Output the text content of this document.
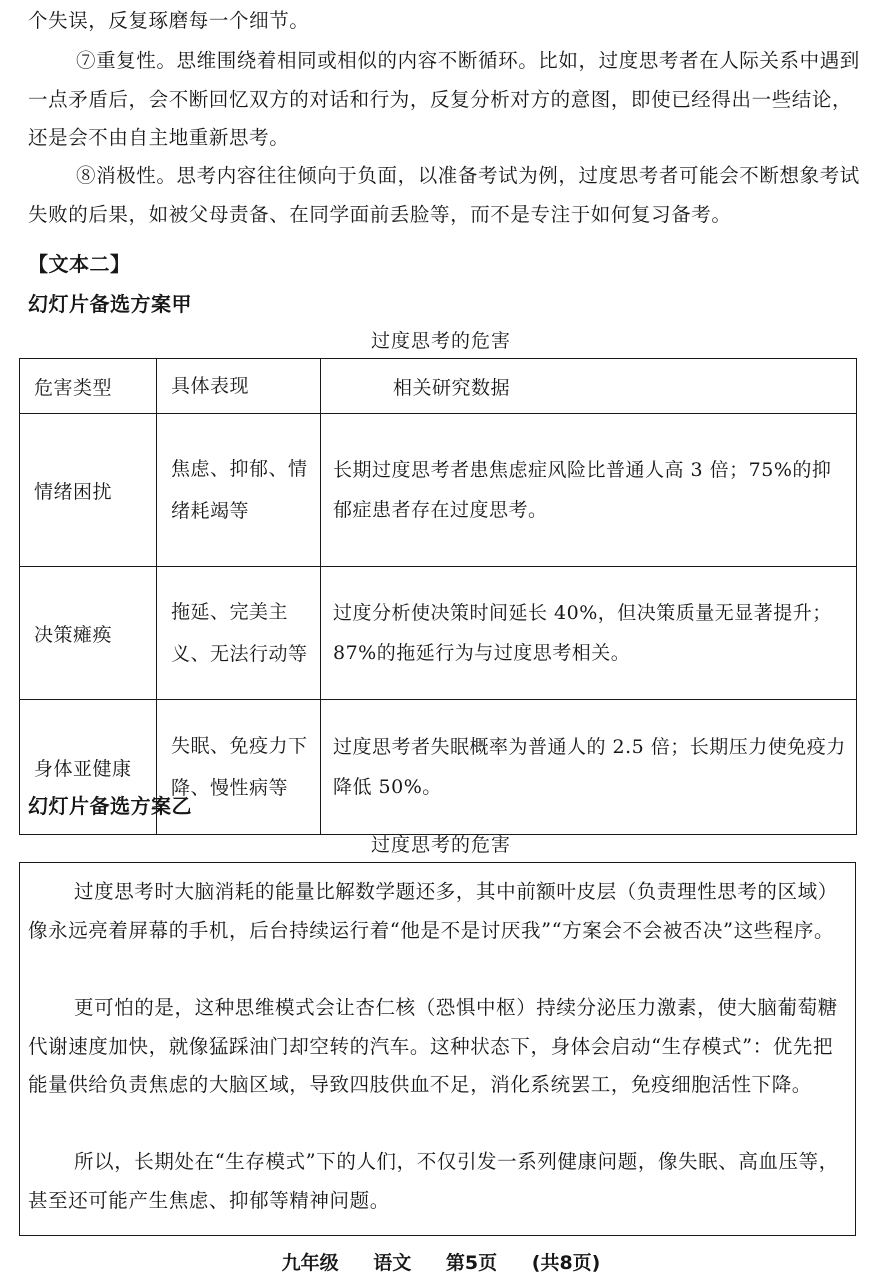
个失误，反复琢磨每一个细节。

⑦重复性。思维围绕着相同或相似的内容不断循环。比如，过度思考者在人际关系中遇到一点矛盾后，会不断回忆双方的对话和行为，反复分析对方的意图，即使已经得出一些结论，还是会不由自主地重新思考。

⑧消极性。思考内容往往倾向于负面，以准备考试为例，过度思考者可能会不断想象考试失败的后果，如被父母责备、在同学面前丢脸等，而不是专注于如何复习备考。

【文本二】

幻灯片备选方案甲

过度思考的危害

危害类型	具体表现	相关研究数据
情绪困扰	焦虑、抑郁、情绪耗竭等	长期过度思考者患焦虑症风险比普通人高 3 倍；75%的抑郁症患者存在过度思考。
决策瘫痪	拖延、完美主义、无法行动等	过度分析使决策时间延长 40%，但决策质量无显著提升；87%的拖延行为与过度思考相关。
身体亚健康	失眠、免疫力下降、慢性病等	过度思考者失眠概率为普通人的 2.5 倍；长期压力使免疫力降低 50%。

幻灯片备选方案乙

过度思考的危害

过度思考时大脑消耗的能量比解数学题还多，其中前额叶皮层（负责理性思考的区域）像永远亮着屏幕的手机，后台持续运行着“他是不是讨厌我”“方案会不会被否决”这些程序。

更可怕的是，这种思维模式会让杏仁核（恐惧中枢）持续分泌压力激素，使大脑葡萄糖代谢速度加快，就像猛踩油门却空转的汽车。这种状态下，身体会启动“生存模式”：优先把能量供给负责焦虑的大脑区域，导致四肢供血不足，消化系统罢工，免疫细胞活性下降。

所以，长期处在“生存模式”下的人们，不仅引发一系列健康问题，像失眠、高血压等，甚至还可能产生焦虑、抑郁等精神问题。

九年级 语文 第5页 (共8页)
